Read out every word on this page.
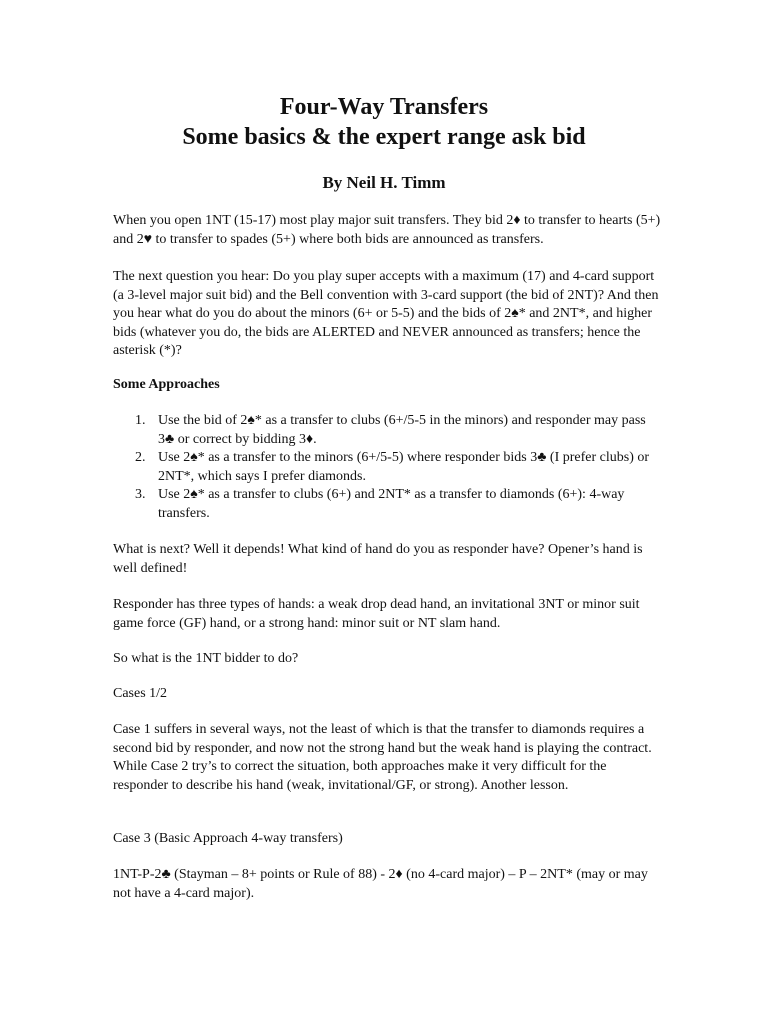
Four-Way Transfers
Some basics & the expert range ask bid

By Neil H. Timm

When you open 1NT (15-17) most play major suit transfers. They bid 2♦ to transfer to hearts (5+) and 2♥ to transfer to spades (5+) where both bids are announced as transfers.

The next question you hear: Do you play super accepts with a maximum (17) and 4-card support (a 3-level major suit bid) and the Bell convention with 3-card support (the bid of 2NT)? And then you hear what do you do about the minors (6+ or 5-5) and the bids of 2♠* and 2NT*, and higher bids (whatever you do, the bids are ALERTED and NEVER announced as transfers; hence the asterisk (*)?

Some Approaches

1. Use the bid of 2♠* as a transfer to clubs (6+/5-5 in the minors) and responder may pass 3♣ or correct by bidding 3♦.
2. Use 2♠* as a transfer to the minors (6+/5-5) where responder bids 3♣ (I prefer clubs) or 2NT*, which says I prefer diamonds.
3. Use 2♠* as a transfer to clubs (6+) and 2NT* as a transfer to diamonds (6+): 4-way transfers.

What is next? Well it depends! What kind of hand do you as responder have? Opener’s hand is well defined!

Responder has three types of hands: a weak drop dead hand, an invitational 3NT or minor suit game force (GF) hand, or a strong hand: minor suit or NT slam hand.

So what is the 1NT bidder to do?

Cases 1/2

Case 1 suffers in several ways, not the least of which is that the transfer to diamonds requires a second bid by responder, and now not the strong hand but the weak hand is playing the contract. While Case 2 try’s to correct the situation, both approaches make it very difficult for the responder to describe his hand (weak, invitational/GF, or strong). Another lesson.

Case 3 (Basic Approach 4-way transfers)

1NT-P-2♣ (Stayman – 8+ points or Rule of 88) - 2♦ (no 4-card major) – P – 2NT* (may or may not have a 4-card major).
